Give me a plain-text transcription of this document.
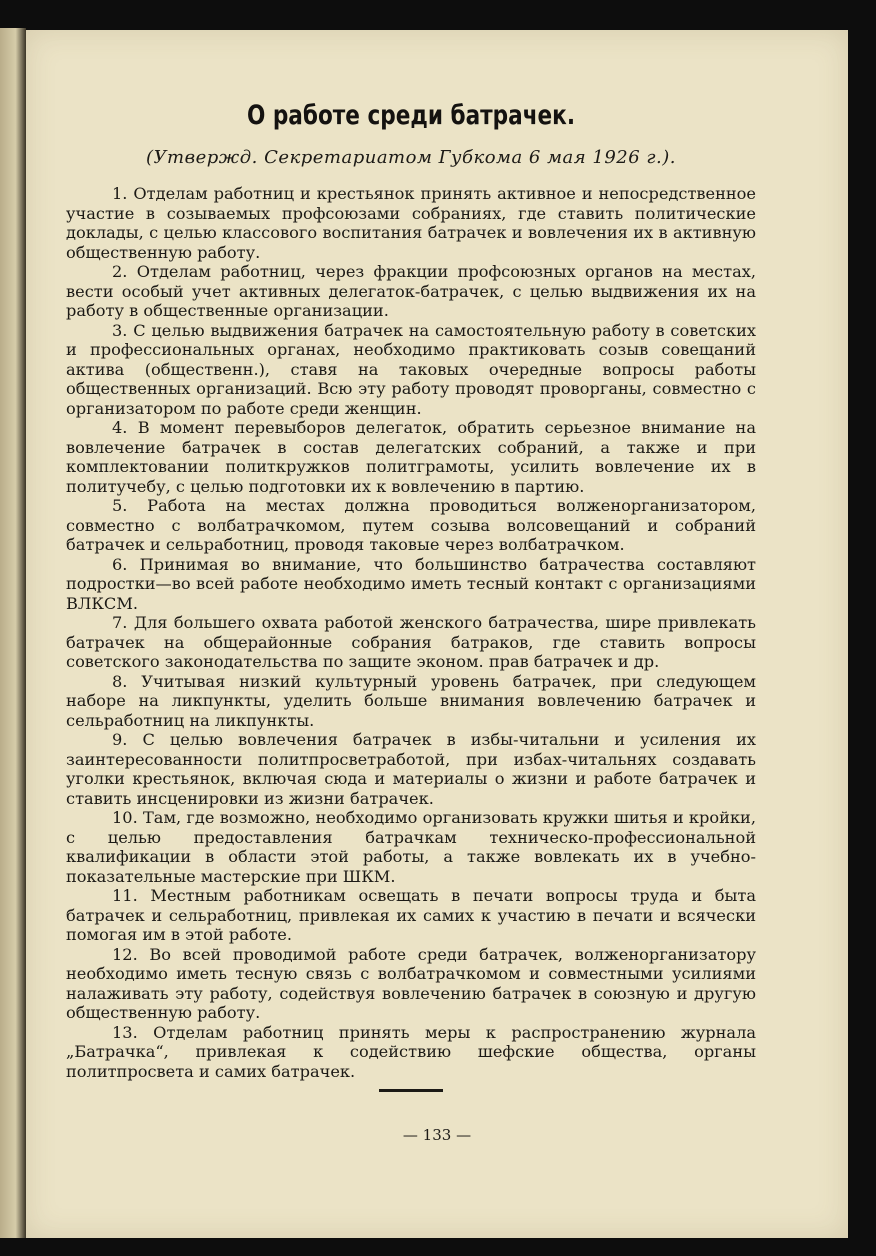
О работе среди батрачек.
(Утвержд. Секретариатом Губкома 6 мая 1926 г.).

1. Отделам работниц и крестьянок принять активное и непосредственное участие в созываемых профсоюзами собраниях, где ставить политические доклады, с целью классового воспитания батрачек и вовлечения их в активную общественную работу.

2. Отделам работниц, через фракции профсоюзных органов на местах, вести особый учет активных делегаток-батрачек, с целью выдвижения их на работу в общественные организации.

3. С целью выдвижения батрачек на самостоятельную работу в советских и профессиональных органах, необходимо практиковать созыв совещаний актива (общественн.), ставя на таковых очередные вопросы работы общественных организаций. Всю эту работу проводят проворганы, совместно с организатором по работе среди женщин.

4. В момент перевыборов делегаток, обратить серьезное внимание на вовлечение батрачек в состав делегатских собраний, а также и при комплектовании политкружков политграмоты, усилить вовлечение их в политучебу, с целью подготовки их к вовлечению в партию.

5. Работа на местах должна проводиться волженорганизатором, совместно с волбатрачкомом, путем созыва волсовещаний и собраний батрачек и сельработниц, проводя таковые через волбатрачком.

6. Принимая во внимание, что большинство батрачества составляют подростки—во всей работе необходимо иметь тесный контакт с организациями ВЛКСМ.

7. Для большего охвата работой женского батрачества, шире привлекать батрачек на общерайонные собрания батраков, где ставить вопросы советского законодательства по защите эконом. прав батрачек и др.

8. Учитывая низкий культурный уровень батрачек, при следующем наборе на ликпункты, уделить больше внимания вовлечению батрачек и сельработниц на ликпункты.

9. С целью вовлечения батрачек в избы-читальни и усиления их заинтересованности политпросветработой, при избах-читальнях создавать уголки крестьянок, включая сюда и материалы о жизни и работе батрачек и ставить инсценировки из жизни батрачек.

10. Там, где возможно, необходимо организовать кружки шитья и кройки, с целью предоставления батрачкам техническо-профессиональной квалификации в области этой работы, а также вовлекать их в учебно-показательные мастерские при ШКМ.

11. Местным работникам освещать в печати вопросы труда и быта батрачек и сельработниц, привлекая их самих к участию в печати и всячески помогая им в этой работе.

12. Во всей проводимой работе среди батрачек, волженорганизатору необходимо иметь тесную связь с волбатрачкомом и совместными усилиями налаживать эту работу, содействуя вовлечению батрачек в союзную и другую общественную работу.

13. Отделам работниц принять меры к распространению журнала „Батрачка“, привлекая к содействию шефские общества, органы политпросвета и самих батрачек.

— 133 —
